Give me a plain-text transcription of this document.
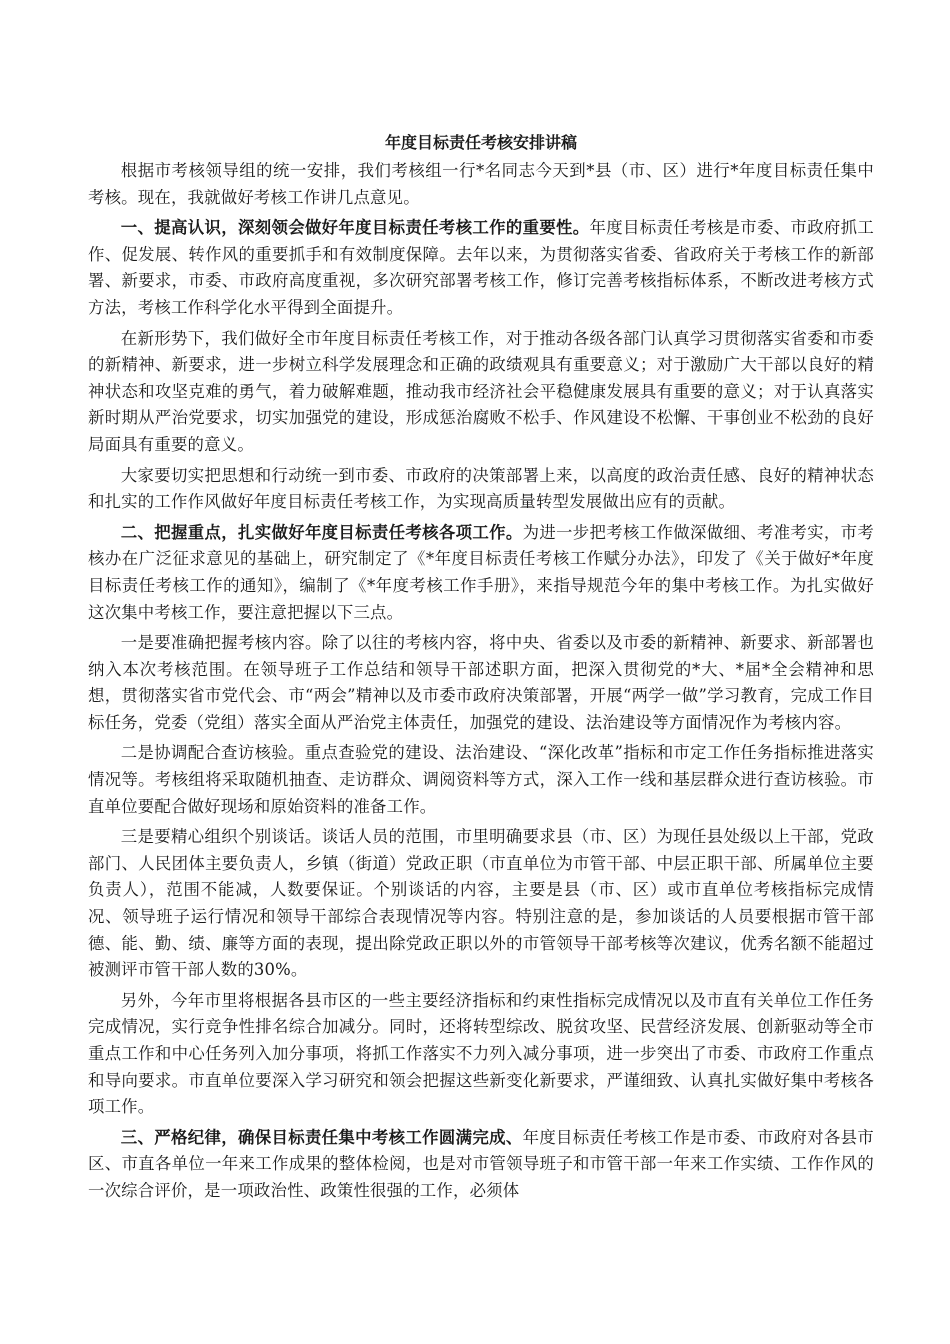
年度目标责任考核安排讲稿

根据市考核领导组的统一安排，我们考核组一行*名同志今天到*县（市、区）进行*年度目标责任集中考核。现在，我就做好考核工作讲几点意见。

一、提高认识，深刻领会做好年度目标责任考核工作的重要性。年度目标责任考核是市委、市政府抓工作、促发展、转作风的重要抓手和有效制度保障。去年以来，为贯彻落实省委、省政府关于考核工作的新部署、新要求，市委、市政府高度重视，多次研究部署考核工作，修订完善考核指标体系，不断改进考核方式方法，考核工作科学化水平得到全面提升。

在新形势下，我们做好全市年度目标责任考核工作，对于推动各级各部门认真学习贯彻落实省委和市委的新精神、新要求，进一步树立科学发展理念和正确的政绩观具有重要意义；对于激励广大干部以良好的精神状态和攻坚克难的勇气，着力破解难题，推动我市经济社会平稳健康发展具有重要的意义；对于认真落实新时期从严治党要求，切实加强党的建设，形成惩治腐败不松手、作风建设不松懈、干事创业不松劲的良好局面具有重要的意义。

大家要切实把思想和行动统一到市委、市政府的决策部署上来，以高度的政治责任感、良好的精神状态和扎实的工作作风做好年度目标责任考核工作，为实现高质量转型发展做出应有的贡献。

二、把握重点，扎实做好年度目标责任考核各项工作。为进一步把考核工作做深做细、考准考实，市考核办在广泛征求意见的基础上，研究制定了《*年度目标责任考核工作赋分办法》，印发了《关于做好*年度目标责任考核工作的通知》，编制了《*年度考核工作手册》，来指导规范今年的集中考核工作。为扎实做好这次集中考核工作，要注意把握以下三点。

一是要准确把握考核内容。除了以往的考核内容，将中央、省委以及市委的新精神、新要求、新部署也纳入本次考核范围。在领导班子工作总结和领导干部述职方面，把深入贯彻党的*大、*届*全会精神和思想，贯彻落实省市党代会、市“两会”精神以及市委市政府决策部署，开展“两学一做”学习教育，完成工作目标任务，党委（党组）落实全面从严治党主体责任，加强党的建设、法治建设等方面情况作为考核内容。

二是协调配合查访核验。重点查验党的建设、法治建设、“深化改革”指标和市定工作任务指标推进落实情况等。考核组将采取随机抽查、走访群众、调阅资料等方式，深入工作一线和基层群众进行查访核验。市直单位要配合做好现场和原始资料的准备工作。

三是要精心组织个别谈话。谈话人员的范围，市里明确要求县（市、区）为现任县处级以上干部，党政部门、人民团体主要负责人，乡镇（街道）党政正职（市直单位为市管干部、中层正职干部、所属单位主要负责人），范围不能减，人数要保证。个别谈话的内容，主要是县（市、区）或市直单位考核指标完成情况、领导班子运行情况和领导干部综合表现情况等内容。特别注意的是，参加谈话的人员要根据市管干部德、能、勤、绩、廉等方面的表现，提出除党政正职以外的市管领导干部考核等次建议，优秀名额不能超过被测评市管干部人数的30%。

另外，今年市里将根据各县市区的一些主要经济指标和约束性指标完成情况以及市直有关单位工作任务完成情况，实行竞争性排名综合加减分。同时，还将转型综改、脱贫攻坚、民营经济发展、创新驱动等全市重点工作和中心任务列入加分事项，将抓工作落实不力列入减分事项，进一步突出了市委、市政府工作重点和导向要求。市直单位要深入学习研究和领会把握这些新变化新要求，严谨细致、认真扎实做好集中考核各项工作。

三、严格纪律，确保目标责任集中考核工作圆满完成、年度目标责任考核工作是市委、市政府对各县市区、市直各单位一年来工作成果的整体检阅，也是对市管领导班子和市管干部一年来工作实绩、工作作风的一次综合评价，是一项政治性、政策性很强的工作，必须体
